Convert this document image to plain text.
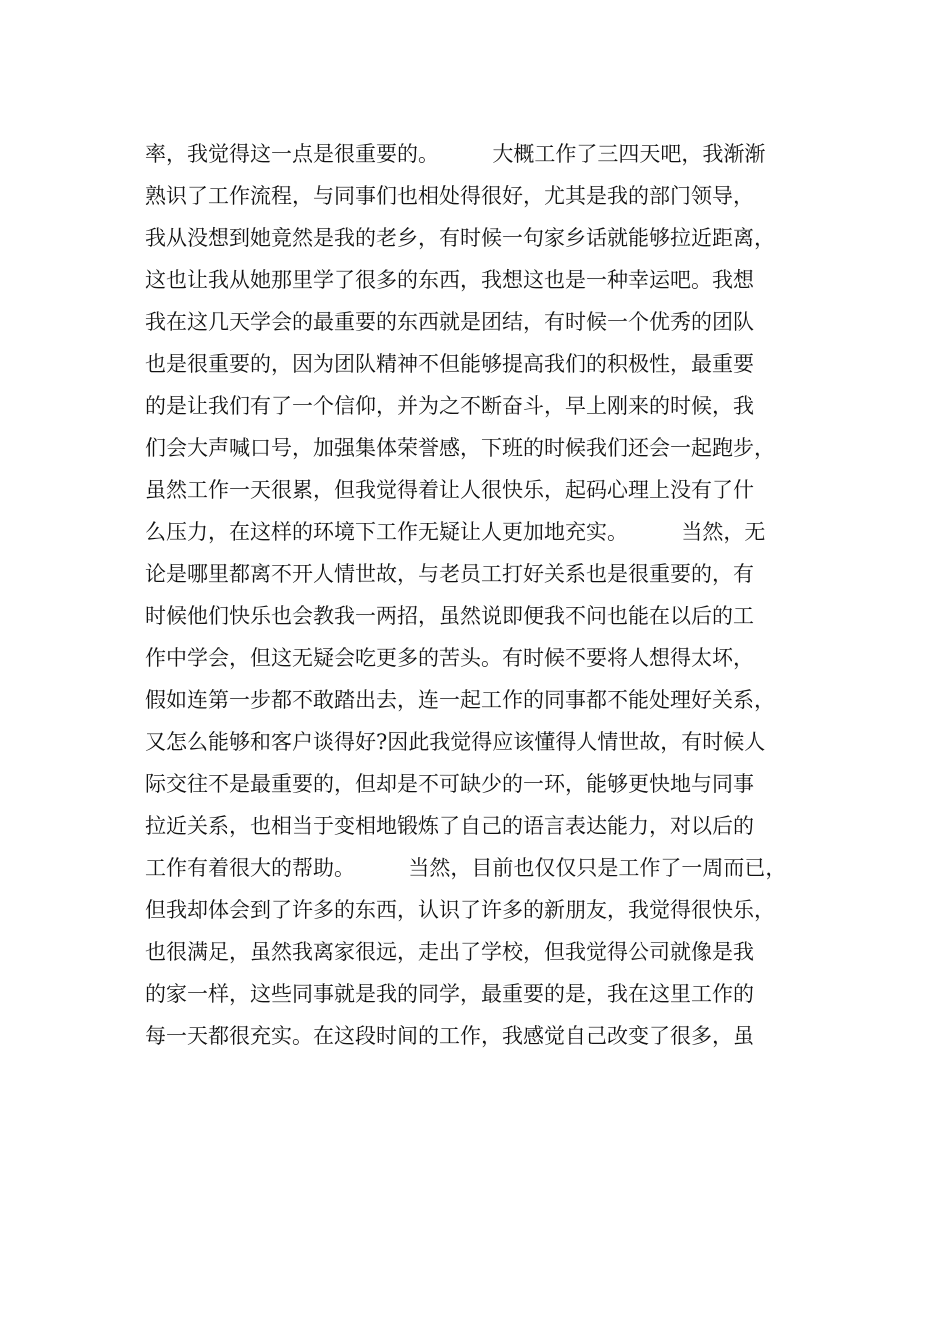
率，我觉得这一点是很重要的。        大概工作了三四天吧，我渐渐
熟识了工作流程，与同事们也相处得很好，尤其是我的部门领导，
我从没想到她竟然是我的老乡，有时候一句家乡话就能够拉近距离，
这也让我从她那里学了很多的东西，我想这也是一种幸运吧。我想
我在这几天学会的最重要的东西就是团结，有时候一个优秀的团队
也是很重要的，因为团队精神不但能够提高我们的积极性，最重要
的是让我们有了一个信仰，并为之不断奋斗，早上刚来的时候，我
们会大声喊口号，加强集体荣誉感，下班的时候我们还会一起跑步，
虽然工作一天很累，但我觉得着让人很快乐，起码心理上没有了什
么压力，在这样的环境下工作无疑让人更加地充实。        当然，无
论是哪里都离不开人情世故，与老员工打好关系也是很重要的，有
时候他们快乐也会教我一两招，虽然说即便我不问也能在以后的工
作中学会，但这无疑会吃更多的苦头。有时候不要将人想得太坏，
假如连第一步都不敢踏出去，连一起工作的同事都不能处理好关系，
又怎么能够和客户谈得好?因此我觉得应该懂得人情世故，有时候人
际交往不是最重要的，但却是不可缺少的一环，能够更快地与同事
拉近关系，也相当于变相地锻炼了自己的语言表达能力，对以后的
工作有着很大的帮助。        当然，目前也仅仅只是工作了一周而已，
但我却体会到了许多的东西，认识了许多的新朋友，我觉得很快乐，
也很满足，虽然我离家很远，走出了学校，但我觉得公司就像是我
的家一样，这些同事就是我的同学，最重要的是，我在这里工作的
每一天都很充实。在这段时间的工作，我感觉自己改变了很多，虽
